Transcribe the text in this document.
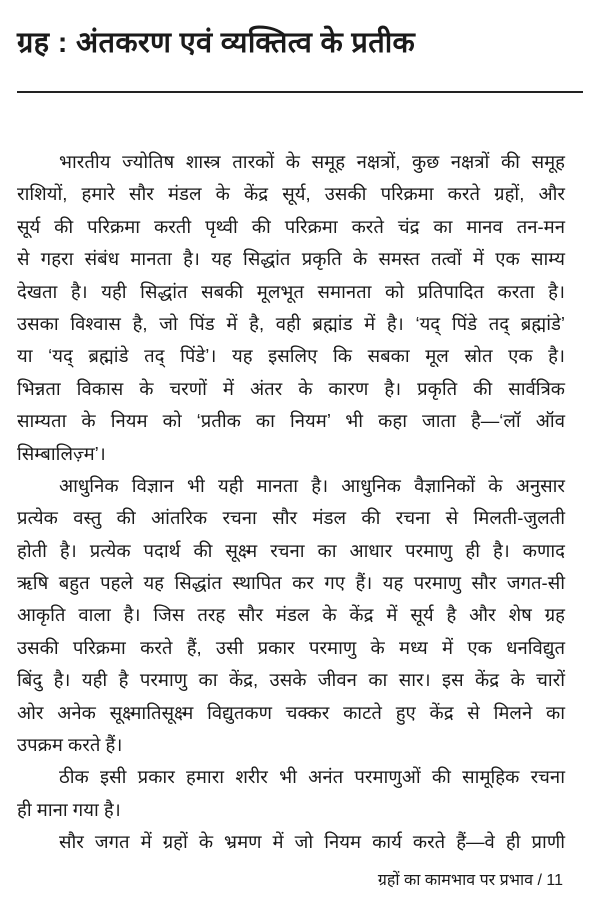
ग्रह : अंतकरण एवं व्यक्तित्व के प्रतीक
भारतीय ज्योतिष शास्त्र तारकों के समूह नक्षत्रों, कुछ नक्षत्रों की समूह
राशियों, हमारे सौर मंडल के केंद्र सूर्य, उसकी परिक्रमा करते ग्रहों, और
सूर्य की परिक्रमा करती पृथ्वी की परिक्रमा करते चंद्र का मानव तन-मन
से गहरा संबंध मानता है। यह सिद्धांत प्रकृति के समस्त तत्वों में एक साम्य
देखता है। यही सिद्धांत सबकी मूलभूत समानता को प्रतिपादित करता है।
उसका विश्वास है, जो पिंड में है, वही ब्रह्मांड में है। ‘यद् पिंडे तद् ब्रह्मांडे’
या ‘यद् ब्रह्मांडे तद् पिंडे’। यह इसलिए कि सबका मूल स्रोत एक है।
भिन्नता विकास के चरणों में अंतर के कारण है। प्रकृति की सार्वत्रिक
साम्यता के नियम को ‘प्रतीक का नियम’ भी कहा जाता है—‘लॉ ऑव
सिम्बालिज़्म’।
आधुनिक विज्ञान भी यही मानता है। आधुनिक वैज्ञानिकों के अनुसार
प्रत्येक वस्तु की आंतरिक रचना सौर मंडल की रचना से मिलती-जुलती
होती है। प्रत्येक पदार्थ की सूक्ष्म रचना का आधार परमाणु ही है। कणाद
ऋषि बहुत पहले यह सिद्धांत स्थापित कर गए हैं। यह परमाणु सौर जगत-सी
आकृति वाला है। जिस तरह सौर मंडल के केंद्र में सूर्य है और शेष ग्रह
उसकी परिक्रमा करते हैं, उसी प्रकार परमाणु के मध्य में एक धनविद्युत
बिंदु है। यही है परमाणु का केंद्र, उसके जीवन का सार। इस केंद्र के चारों
ओर अनेक सूक्ष्मातिसूक्ष्म विद्युतकण चक्कर काटते हुए केंद्र से मिलने का
उपक्रम करते हैं।
ठीक इसी प्रकार हमारा शरीर भी अनंत परमाणुओं की सामूहिक रचना
ही माना गया है।
सौर जगत में ग्रहों के भ्रमण में जो नियम कार्य करते हैं—वे ही प्राणी
ग्रहों का कामभाव पर प्रभाव / 11
